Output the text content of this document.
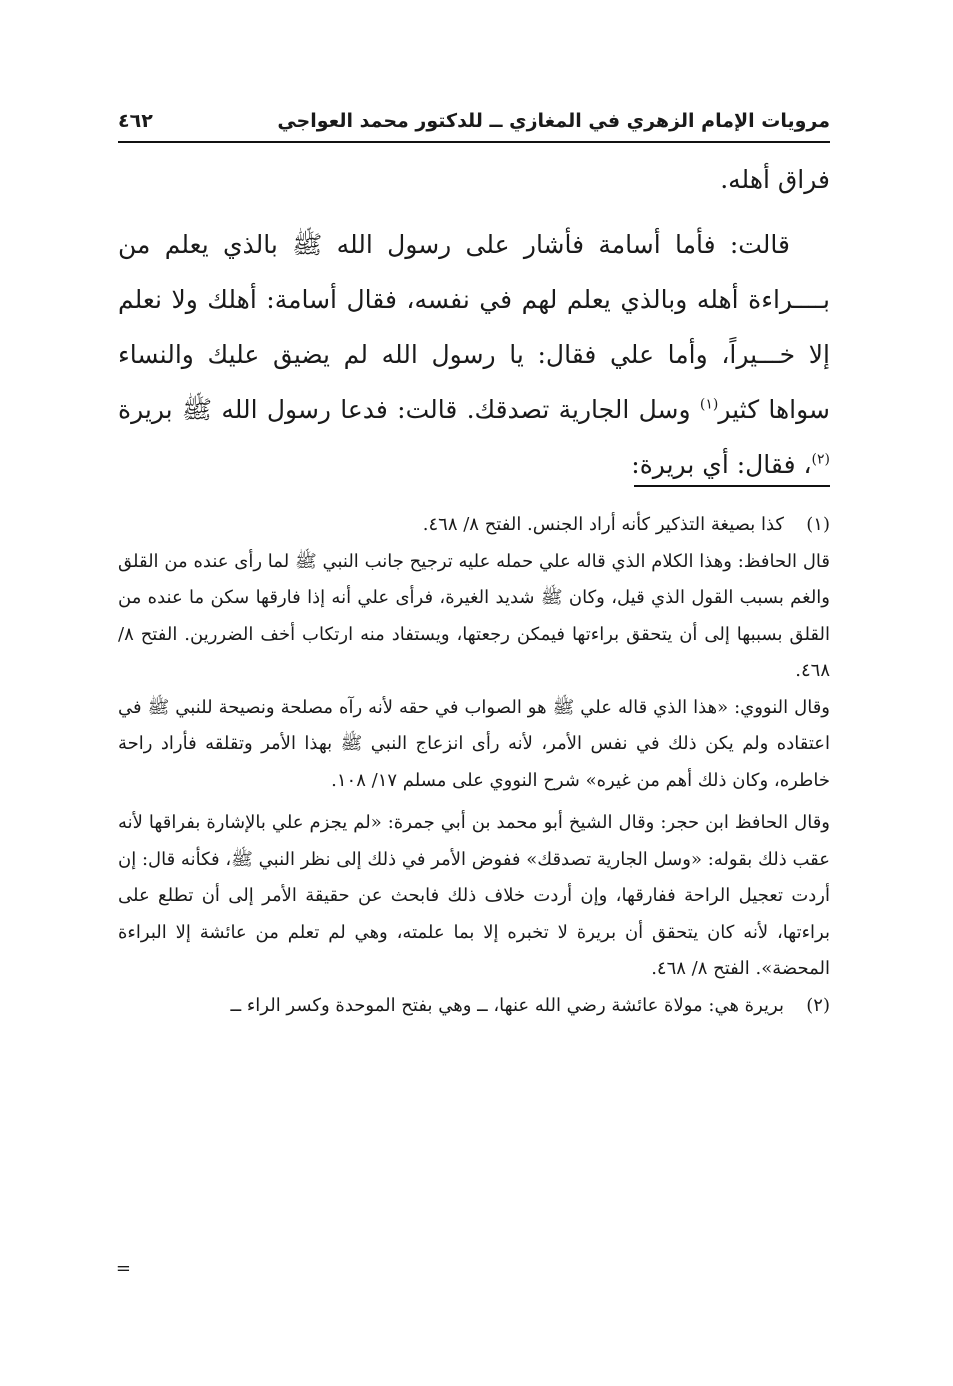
مرويات الإمام الزهري في المغازي ــ للدكتور محمد العواجي
٤٦٢

فراق أهله.

قالت: فأما أسامة فأشار على رسول الله ﷺ بالذي يعلم من بــــراءة أهله وبالذي يعلم لهم في نفسه، فقال أسامة: أهلك ولا نعلم إلا خـــيراً، وأما علي فقال: يا رسول الله لم يضيق عليك والنساء سواها كثير$^{(١)}$ وسل الجارية تصدقك. قالت: فدعا رسول الله ﷺ بريرة $^{(٢)}$، فقال: أي بريرة:

(١)

كذا بصيغة التذكير كأنه أراد الجنس. الفتح ٨/ ٤٦٨.

قال الحافظ: وهذا الكلام الذي قاله علي حمله عليه ترجيح جانب النبي ﷺ لما رأى عنده من القلق والغم بسبب القول الذي قيل، وكان ﷺ شديد الغيرة، فرأى علي أنه إذا فارقها سكن ما عنده من القلق بسببها إلى أن يتحقق براءتها فيمكن رجعتها، ويستفاد منه ارتكاب أخف الضررين. الفتح ٨/ ٤٦٨.

وقال النووي: «هذا الذي قاله علي ﷺ هو الصواب في حقه لأنه رآه مصلحة ونصيحة للنبي ﷺ في اعتقاده ولم يكن ذلك في نفس الأمر، لأنه رأى انزعاج النبي ﷺ بهذا الأمر وتقلقه فأراد راحة خاطره، وكان ذلك أهم من غيره» شرح النووي على مسلم ١٧/ ١٠٨.

وقال الحافظ ابن حجر: وقال الشيخ أبو محمد بن أبي جمرة: «لم يجزم علي بالإشارة بفراقها لأنه عقب ذلك بقوله: «وسل الجارية تصدقك» ففوض الأمر في ذلك إلى نظر النبي ﷺ، فكأنه قال: إن أردت تعجيل الراحة ففارقها، وإن أردت خلاف ذلك فابحث عن حقيقة الأمر إلى أن تطلع على براءتها، لأنه كان يتحقق أن بريرة لا تخبره إلا بما علمته، وهي لم تعلم من عائشة إلا البراءة المحضة». الفتح ٨/ ٤٦٨.

(٢)

بريرة هي: مولاة عائشة رضي الله عنها، ــ وهي بفتح الموحدة وكسر الراء ــ

=
